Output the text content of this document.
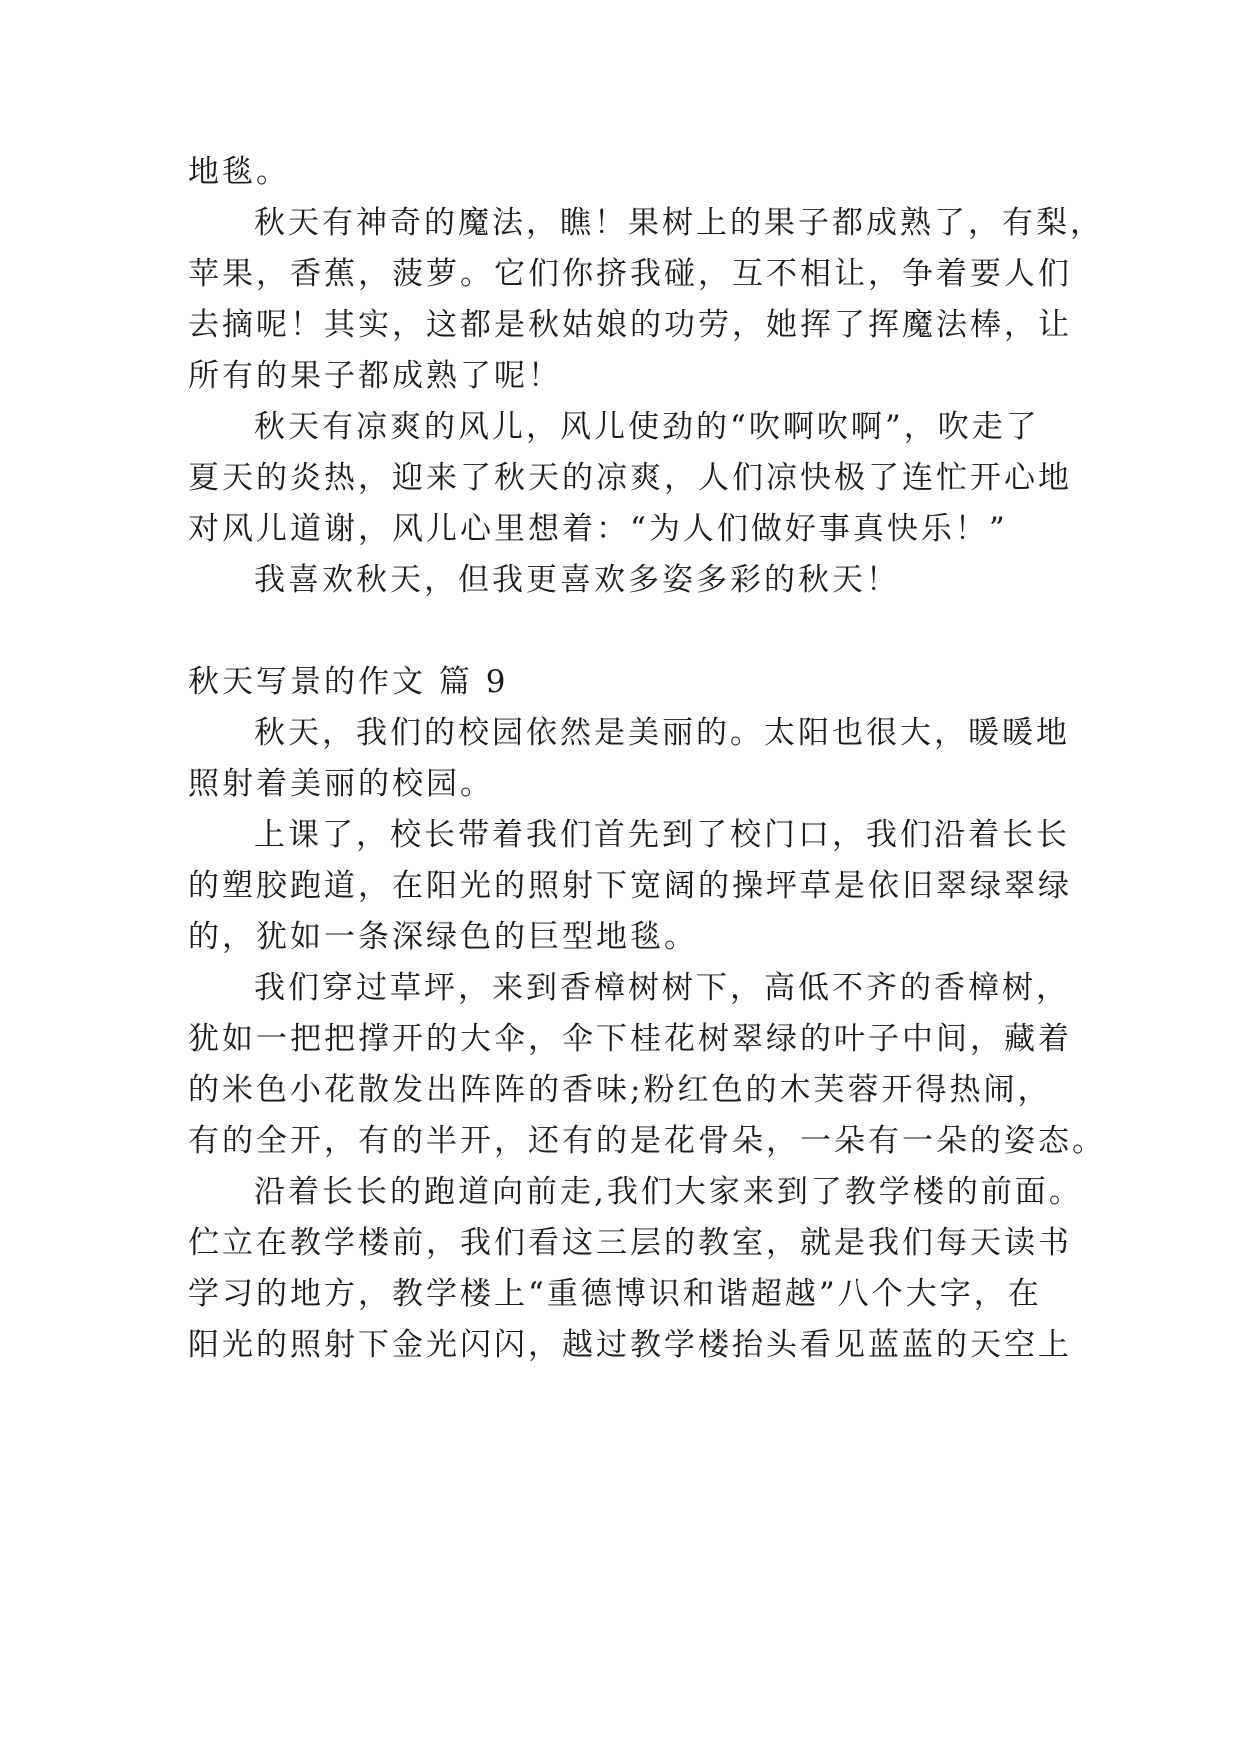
地毯。
秋天有神奇的魔法，瞧！果树上的果子都成熟了，有梨，
苹果，香蕉，菠萝。它们你挤我碰，互不相让，争着要人们
去摘呢！其实，这都是秋姑娘的功劳，她挥了挥魔法棒，让
所有的果子都成熟了呢！
秋天有凉爽的风儿，风儿使劲的“吹啊吹啊”，吹走了
夏天的炎热，迎来了秋天的凉爽，人们凉快极了连忙开心地
对风儿道谢，风儿心里想着：“为人们做好事真快乐！”
我喜欢秋天，但我更喜欢多姿多彩的秋天！
秋天写景的作文 篇 9
秋天，我们的校园依然是美丽的。太阳也很大，暖暖地
照射着美丽的校园。
上课了，校长带着我们首先到了校门口，我们沿着长长
的塑胶跑道，在阳光的照射下宽阔的操坪草是依旧翠绿翠绿
的，犹如一条深绿色的巨型地毯。
我们穿过草坪，来到香樟树树下，高低不齐的香樟树，
犹如一把把撑开的大伞，伞下桂花树翠绿的叶子中间，藏着
的米色小花散发出阵阵的香味;粉红色的木芙蓉开得热闹，
有的全开，有的半开，还有的是花骨朵，一朵有一朵的姿态。
沿着长长的跑道向前走,我们大家来到了教学楼的前面。
伫立在教学楼前，我们看这三层的教室，就是我们每天读书
学习的地方，教学楼上“重德博识和谐超越”八个大字，在
阳光的照射下金光闪闪，越过教学楼抬头看见蓝蓝的天空上
